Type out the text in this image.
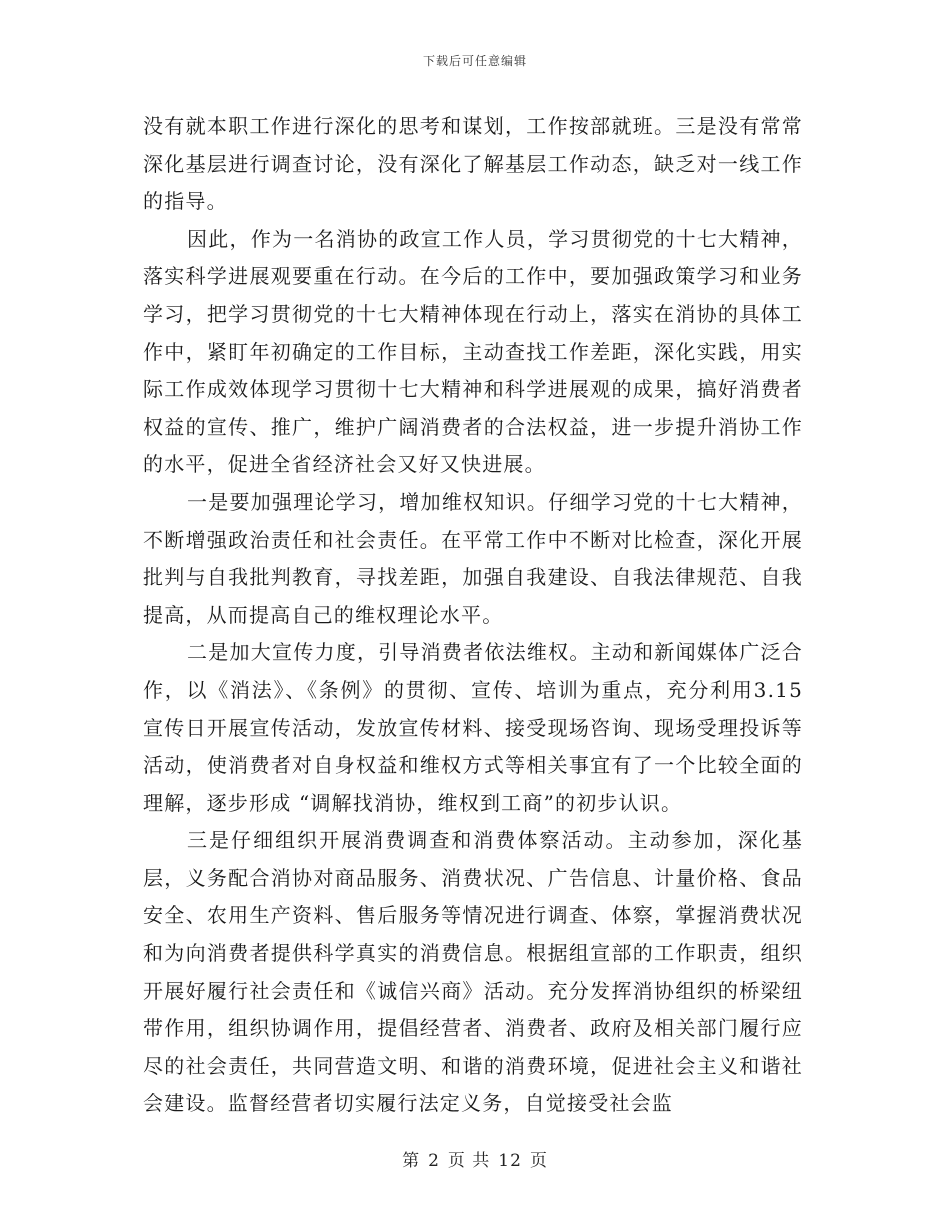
下载后可任意编辑

没有就本职工作进行深化的思考和谋划，工作按部就班。三是没有常常深化基层进行调查讨论，没有深化了解基层工作动态，缺乏对一线工作的指导。

因此，作为一名消协的政宣工作人员，学习贯彻党的十七大精神，落实科学进展观要重在行动。在今后的工作中，要加强政策学习和业务学习，把学习贯彻党的十七大精神体现在行动上，落实在消协的具体工作中，紧盯年初确定的工作目标，主动查找工作差距，深化实践，用实际工作成效体现学习贯彻十七大精神和科学进展观的成果，搞好消费者权益的宣传、推广，维护广阔消费者的合法权益，进一步提升消协工作的水平，促进全省经济社会又好又快进展。

一是要加强理论学习，增加维权知识。仔细学习党的十七大精神，不断增强政治责任和社会责任。在平常工作中不断对比检查，深化开展批判与自我批判教育，寻找差距，加强自我建设、自我法律规范、自我提高，从而提高自己的维权理论水平。

二是加大宣传力度，引导消费者依法维权。主动和新闻媒体广泛合作，以《消法》、《条例》的贯彻、宣传、培训为重点，充分利用3.15宣传日开展宣传活动，发放宣传材料、接受现场咨询、现场受理投诉等活动，使消费者对自身权益和维权方式等相关事宜有了一个比较全面的理解，逐步形成 “调解找消协，维权到工商”的初步认识。

三是仔细组织开展消费调查和消费体察活动。主动参加，深化基层，义务配合消协对商品服务、消费状况、广告信息、计量价格、食品安全、农用生产资料、售后服务等情况进行调查、体察，掌握消费状况和为向消费者提供科学真实的消费信息。根据组宣部的工作职责，组织开展好履行社会责任和《诚信兴商》活动。充分发挥消协组织的桥梁纽带作用，组织协调作用，提倡经营者、消费者、政府及相关部门履行应尽的社会责任，共同营造文明、和谐的消费环境，促进社会主义和谐社会建设。监督经营者切实履行法定义务，自觉接受社会监

第 2 页 共 12 页
